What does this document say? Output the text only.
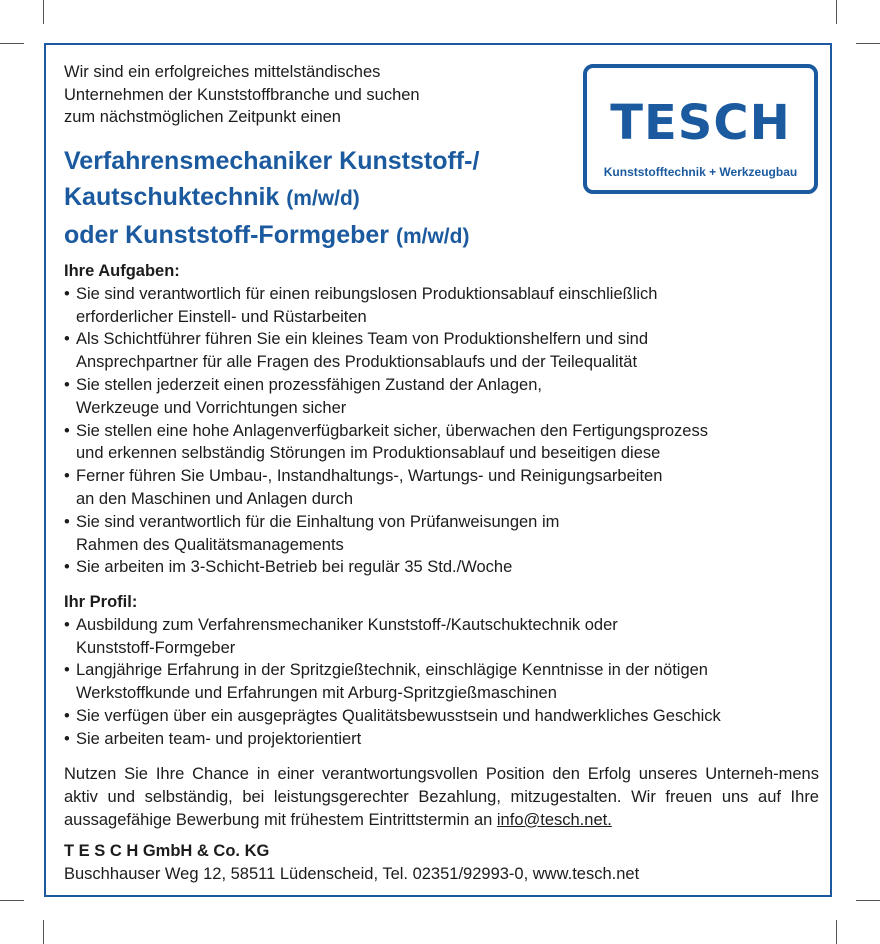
Wir sind ein erfolgreiches mittelständisches
Unternehmen der Kunststoffbranche und suchen
zum nächstmöglichen Zeitpunkt einen	TESCH
Kunststofftechnik + Werkzeugbau
Verfahrensmechaniker Kunststoff-/
Kautschuktechnik (m/w/d)
oder Kunststoff-Formgeber (m/w/d)
Ihre Aufgaben:
• Sie sind verantwortlich für einen reibungslosen Produktionsablauf einschließlich
erforderlicher Einstell- und Rüstarbeiten
• Als Schichtführer führen Sie ein kleines Team von Produktionshelfern und sind
Ansprechpartner für alle Fragen des Produktionsablaufs und der Teilequalität
• Sie stellen jederzeit einen prozessfähigen Zustand der Anlagen,
Werkzeuge und Vorrichtungen sicher
• Sie stellen eine hohe Anlagenverfügbarkeit sicher, überwachen den Fertigungsprozess
und erkennen selbständig Störungen im Produktionsablauf und beseitigen diese
• Ferner führen Sie Umbau-, Instandhaltungs-, Wartungs- und Reinigungsarbeiten
an den Maschinen und Anlagen durch
• Sie sind verantwortlich für die Einhaltung von Prüfanweisungen im
Rahmen des Qualitätsmanagements
• Sie arbeiten im 3-Schicht-Betrieb bei regulär 35 Std./Woche
Ihr Profil:
• Ausbildung zum Verfahrensmechaniker Kunststoff-/Kautschuktechnik oder
Kunststoff-Formgeber
• Langjährige Erfahrung in der Spritzgießtechnik, einschlägige Kenntnisse in der nötigen
Werkstoffkunde und Erfahrungen mit Arburg-Spritzgießmaschinen
• Sie verfügen über ein ausgeprägtes Qualitätsbewusstsein und handwerkliches Geschick
• Sie arbeiten team- und projektorientiert
Nutzen Sie Ihre Chance in einer verantwortungsvollen Position den Erfolg unseres Unterneh-mens aktiv und selbständig, bei leistungsgerechter Bezahlung, mitzugestalten. Wir freuen uns auf Ihre aussagefähige Bewerbung mit frühestem Eintrittstermin an info@tesch.net.
T E S C H GmbH & Co. KG
Buschhauser Weg 12, 58511 Lüdenscheid, Tel. 02351/92993-0, www.tesch.net
